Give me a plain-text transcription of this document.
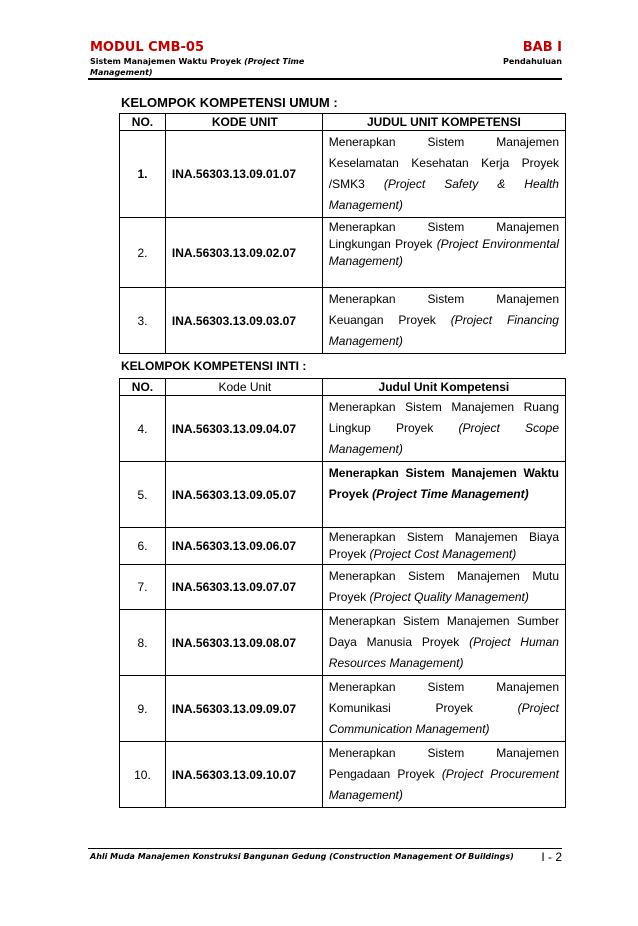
MODUL CMB-05
Sistem Manajemen Waktu Proyek (Project Time Management)
BAB I
Pendahuluan
KELOMPOK KOMPETENSI UMUM :
NO.	KODE UNIT	JUDUL UNIT KOMPETENSI
1.	INA.56303.13.09.01.07	Menerapkan Sistem Manajemen Keselamatan Kesehatan Kerja Proyek /SMK3 (Project Safety & Health Management)
2.	INA.56303.13.09.02.07	Menerapkan Sistem Manajemen Lingkungan Proyek (Project Environmental Management)
3.	INA.56303.13.09.03.07	Menerapkan Sistem Manajemen Keuangan Proyek (Project Financing Management)
KELOMPOK KOMPETENSI INTI :
NO.	Kode Unit	Judul Unit Kompetensi
4.	INA.56303.13.09.04.07	Menerapkan Sistem Manajemen Ruang Lingkup Proyek (Project Scope Management)
5.	INA.56303.13.09.05.07	Menerapkan Sistem Manajemen Waktu Proyek (Project Time Management)
6.	INA.56303.13.09.06.07	Menerapkan Sistem Manajemen Biaya Proyek (Project Cost Management)
7.	INA.56303.13.09.07.07	Menerapkan Sistem Manajemen Mutu Proyek (Project Quality Management)
8.	INA.56303.13.09.08.07	Menerapkan Sistem Manajemen Sumber Daya Manusia Proyek (Project Human Resources Management)
9.	INA.56303.13.09.09.07	Menerapkan Sistem Manajemen Komunikasi Proyek (Project Communication Management)
10.	INA.56303.13.09.10.07	Menerapkan Sistem Manajemen Pengadaan Proyek (Project Procurement Management)
Ahli Muda Manajemen Konstruksi Bangunan Gedung (Construction Management Of Buildings) I - 2
